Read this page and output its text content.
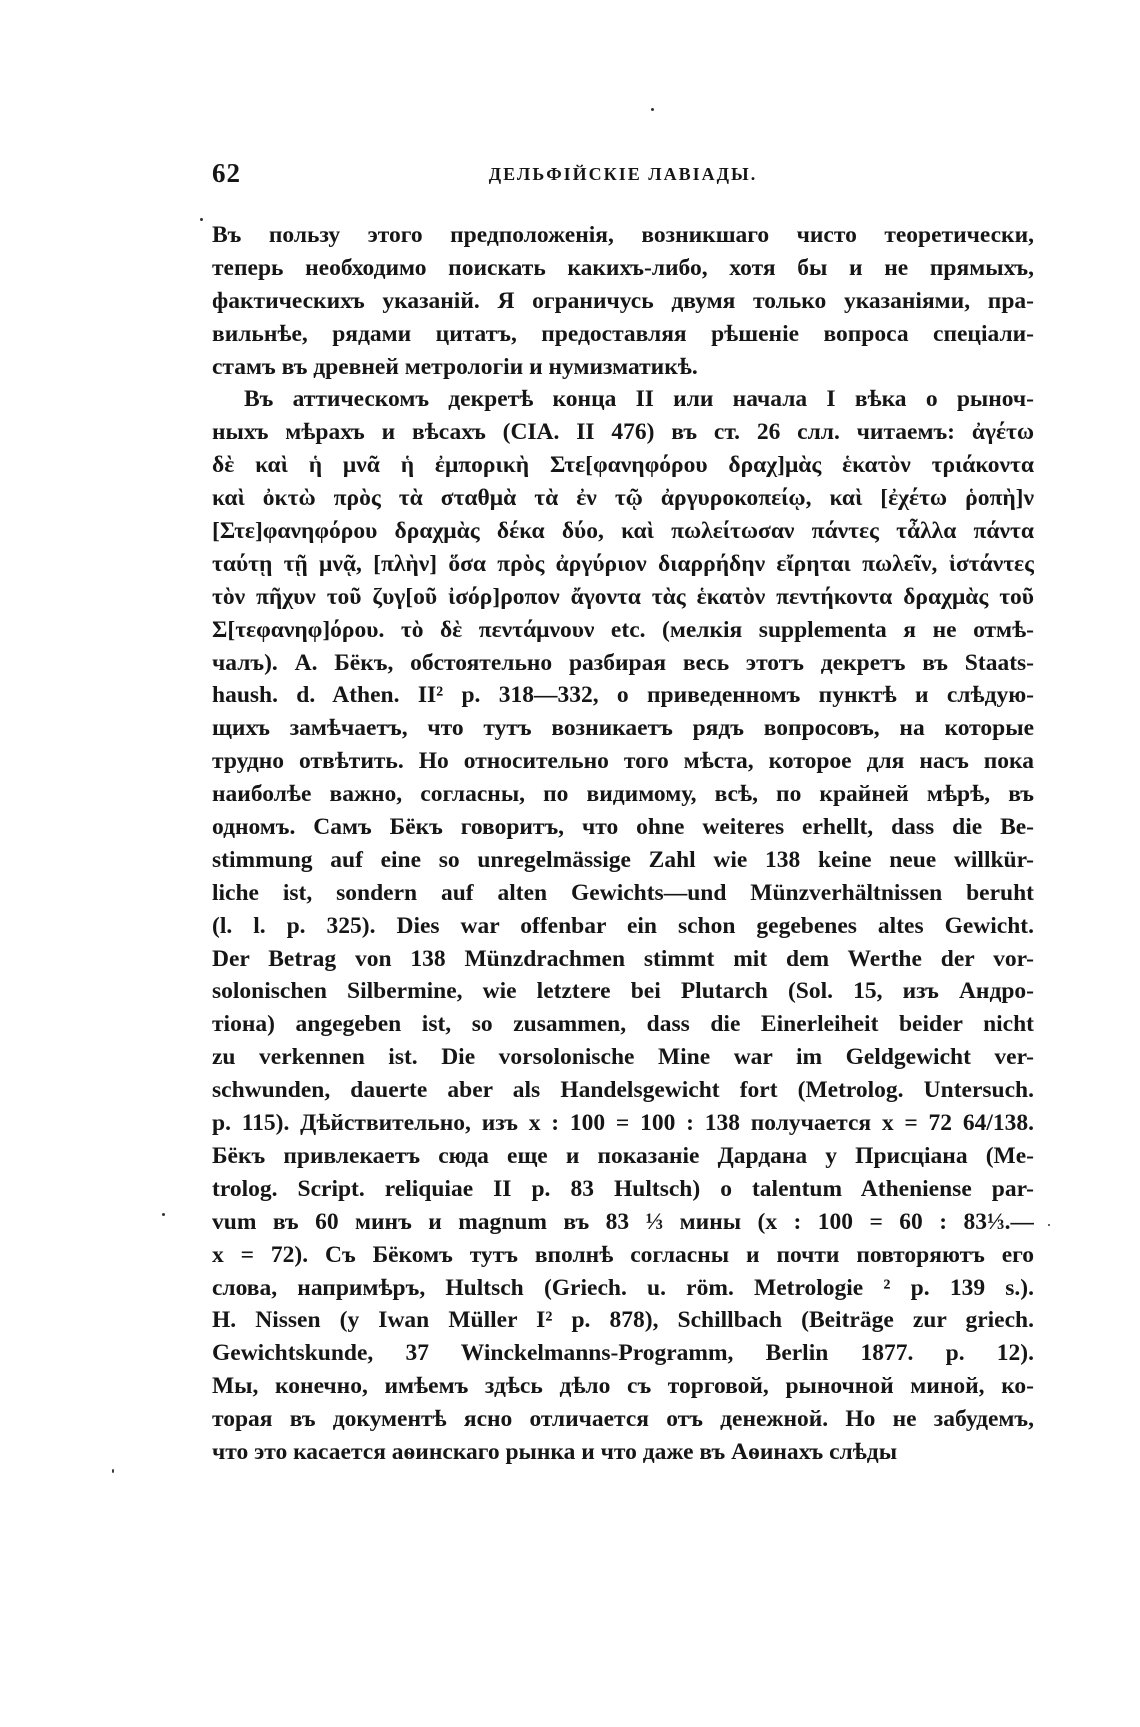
62	ДЕЛЬФІЙСКІЕ ЛАВІАДЫ.
Въ пользу этого предположенія, возникшаго чисто теоретически,
теперь необходимо поискать какихъ-либо, хотя бы и не прямыхъ,
фактическихъ указаній. Я ограничусь двумя только указаніями, пра-
вильнѣе, рядами цитатъ, предоставляя рѣшеніе вопроса спеціали-
стамъ въ древней метрологіи и нумизматикѣ.
Въ аттическомъ декретѣ конца II или начала I вѣка о рыноч-
ныхъ мѣрахъ и вѣсахъ (CIA. II 476) въ ст. 26 слл. читаемъ: ἀγέτω
δὲ καὶ ἡ μνᾶ ἡ ἐμπορικὴ Στε[φανηφόρου δραχ]μὰς ἑκατὸν τριάκοντα
καὶ ὀκτὼ πρὸς τὰ σταθμὰ τὰ ἐν τῷ ἀργυροκοπείῳ, καὶ [ἐχέτω ῥοπὴ]ν
[Στε]φανηφόρου δραχμὰς δέκα δύο, καὶ πωλείτωσαν πάντες τἆλλα πάντα
ταύτῃ τῇ μνᾷ, [πλὴν] ὅσα πρὸς ἀργύριον διαρρήδην εἴρηται πωλεῖν, ἱστάντες
τὸν πῆχυν τοῦ ζυγ[οῦ ἰσόρ]ροπον ἄγοντα τὰς ἑκατὸν πεντήκοντα δραχμὰς τοῦ
Σ[τεφανηφ]όρου. τὸ δὲ πεντάμνουν etc. (мелкія supplementa я не отмѣ-
чалъ). А. Бёкъ, обстоятельно разбирая весь этотъ декретъ въ Staats-
haush. d. Athen. II² p. 318—332, о приведенномъ пунктѣ и слѣдую-
щихъ замѣчаетъ, что тутъ возникаетъ рядъ вопросовъ, на которые
трудно отвѣтить. Но относительно того мѣста, которое для насъ пока
наиболѣе важно, согласны, по видимому, всѣ, по крайней мѣрѣ, въ
одномъ. Самъ Бёкъ говоритъ, что ohne weiteres erhellt, dass die Be-
stimmung auf eine so unregelmässige Zahl wie 138 keine neue willkür-
liche ist, sondern auf alten Gewichts—und Münzverhältnissen beruht
(l. l. p. 325). Dies war offenbar ein schon gegebenes altes Gewicht.
Der Betrag von 138 Münzdrachmen stimmt mit dem Werthe der vor-
solonischen Silbermine, wie letztere bei Plutarch (Sol. 15, изъ Андро-
тіона) angegeben ist, so zusammen, dass die Einerleiheit beider nicht
zu verkennen ist. Die vorsolonische Mine war im Geldgewicht ver-
schwunden, dauerte aber als Handelsgewicht fort (Metrolog. Untersuch.
p. 115). Дѣйствительно, изъ x : 100 = 100 : 138 получается x = 72 64/138.
Бёкъ привлекаетъ сюда еще и показаніе Дардана у Присціана (Me-
trolog. Script. reliquiae II p. 83 Hultsch) о talentum Atheniense par-
vum въ 60 минъ и magnum въ 83 ⅓ мины (x : 100 = 60 : 83⅓.—
x = 72). Съ Бёкомъ тутъ вполнѣ согласны и почти повторяютъ его
слова, напримѣръ, Hultsch (Griech. u. röm. Metrologie ² p. 139 s.).
H. Nissen (у Iwan Müller I² p. 878), Schillbach (Beiträge zur griech.
Gewichtskunde, 37 Winckelmanns-Programm, Berlin 1877. p. 12).
Мы, конечно, имѣемъ здѣсь дѣло съ торговой, рыночной миной, ко-
торая въ документѣ ясно отличается отъ денежной. Но не забудемъ,
что это касается аѳинскаго рынка и что даже въ Аѳинахъ слѣды
